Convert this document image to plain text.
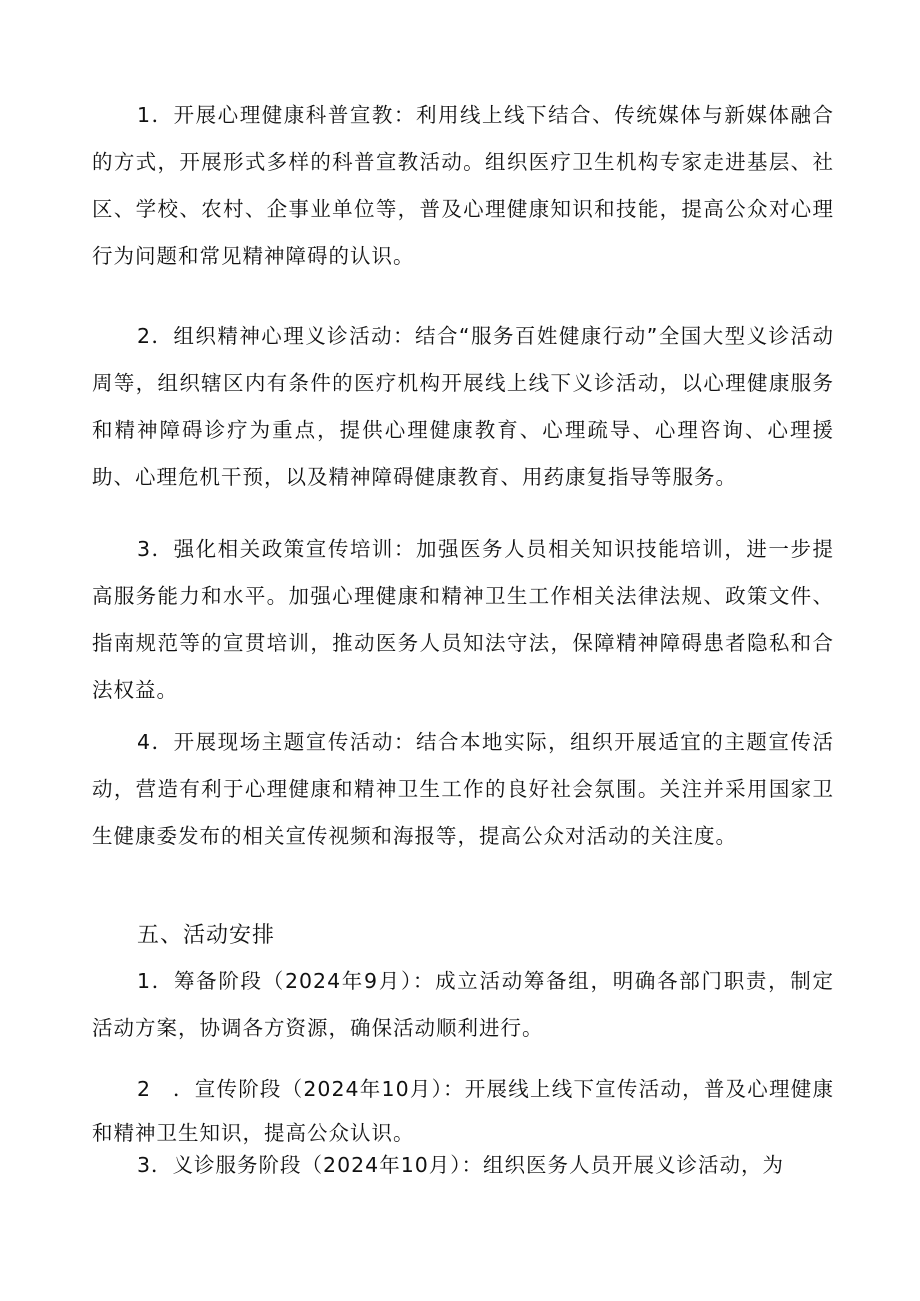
1．开展心理健康科普宣教：利用线上线下结合、传统媒体与新媒体融合的方式，开展形式多样的科普宣教活动。组织医疗卫生机构专家走进基层、社区、学校、农村、企事业单位等，普及心理健康知识和技能，提高公众对心理行为问题和常见精神障碍的认识。

2．组织精神心理义诊活动：结合“服务百姓健康行动”全国大型义诊活动周等，组织辖区内有条件的医疗机构开展线上线下义诊活动，以心理健康服务和精神障碍诊疗为重点，提供心理健康教育、心理疏导、心理咨询、心理援助、心理危机干预，以及精神障碍健康教育、用药康复指导等服务。

3．强化相关政策宣传培训：加强医务人员相关知识技能培训，进一步提高服务能力和水平。加强心理健康和精神卫生工作相关法律法规、政策文件、指南规范等的宣贯培训，推动医务人员知法守法，保障精神障碍患者隐私和合法权益。

4．开展现场主题宣传活动：结合本地实际，组织开展适宜的主题宣传活动，营造有利于心理健康和精神卫生工作的良好社会氛围。关注并采用国家卫生健康委发布的相关宣传视频和海报等，提高公众对活动的关注度。

五、活动安排

1．筹备阶段（2024年9月）：成立活动筹备组，明确各部门职责，制定活动方案，协调各方资源，确保活动顺利进行。

2　．宣传阶段（2024年10月）：开展线上线下宣传活动，普及心理健康和精神卫生知识，提高公众认识。

3．义诊服务阶段（2024年10月）：组织医务人员开展义诊活动，为
